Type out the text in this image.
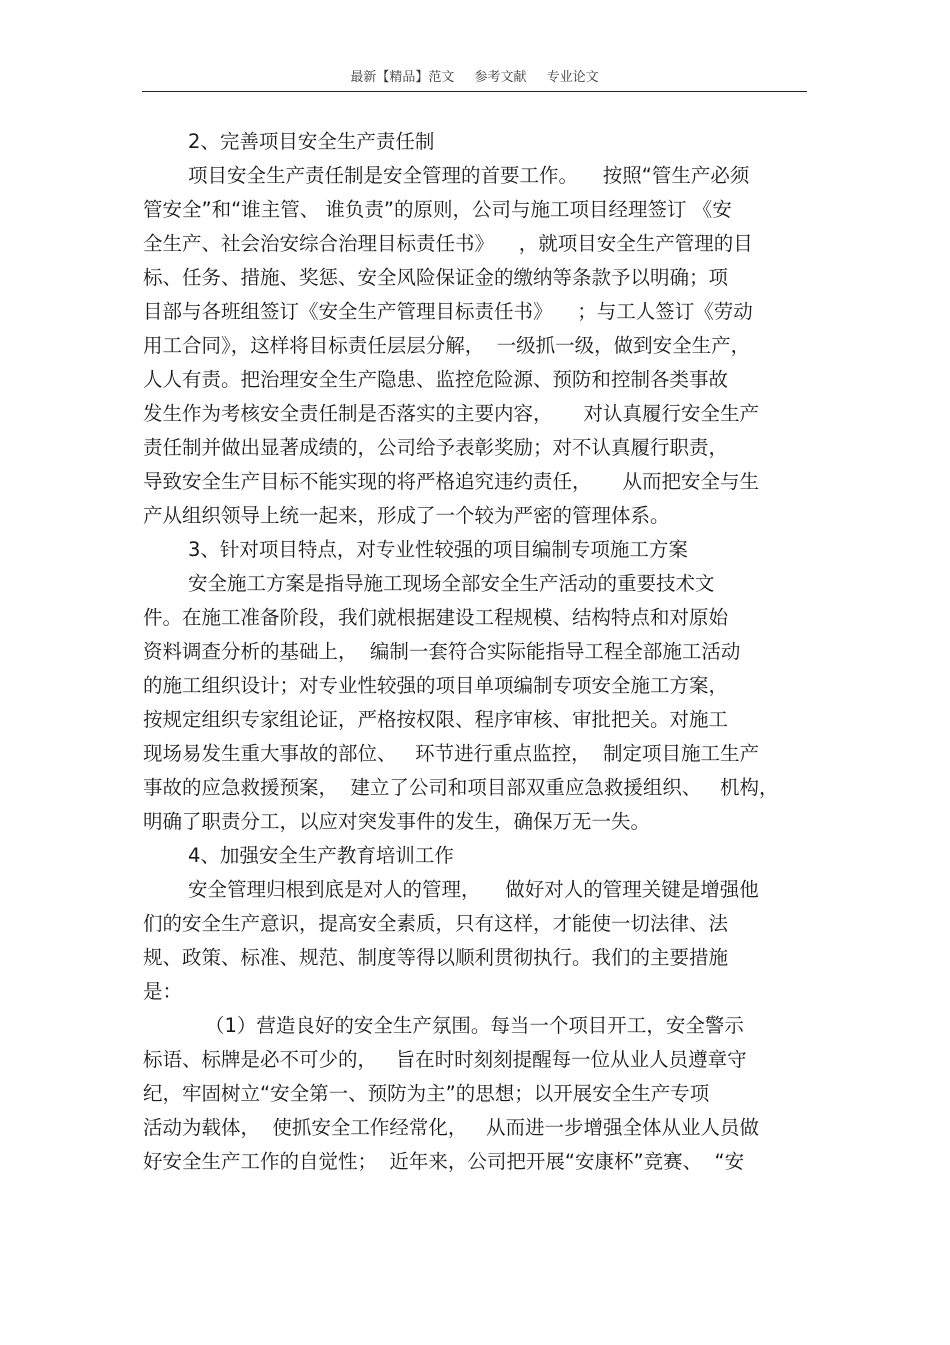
最新【精品】范文 参考文献 专业论文
2、完善项目安全生产责任制
项目安全生产责任制是安全管理的首要工作。    按照“管生产必须
管安全”和“谁主管、 谁负责”的原则，公司与施工项目经理签订 《安
全生产、社会治安综合治理目标责任书》    ，就项目安全生产管理的目
标、任务、措施、奖惩、安全风险保证金的缴纳等条款予以明确；项
目部与各班组签订《安全生产管理目标责任书》    ；与工人签订《劳动
用工合同》，这样将目标责任层层分解，  一级抓一级，做到安全生产，
人人有责。把治理安全生产隐患、监控危险源、预防和控制各类事故
发生作为考核安全责任制是否落实的主要内容，     对认真履行安全生产
责任制并做出显著成绩的，公司给予表彰奖励；对不认真履行职责，
导致安全生产目标不能实现的将严格追究违约责任，     从而把安全与生
产从组织领导上统一起来，形成了一个较为严密的管理体系。
3、针对项目特点，对专业性较强的项目编制专项施工方案
安全施工方案是指导施工现场全部安全生产活动的重要技术文
件。在施工准备阶段，我们就根据建设工程规模、结构特点和对原始
资料调查分析的基础上，  编制一套符合实际能指导工程全部施工活动
的施工组织设计；对专业性较强的项目单项编制专项安全施工方案，
按规定组织专家组论证，严格按权限、程序审核、审批把关。对施工
现场易发生重大事故的部位、   环节进行重点监控，  制定项目施工生产
事故的应急救援预案，  建立了公司和项目部双重应急救援组织、   机构，
明确了职责分工，以应对突发事件的发生，确保万无一失。
4、加强安全生产教育培训工作
安全管理归根到底是对人的管理，    做好对人的管理关键是增强他
们的安全生产意识，提高安全素质，只有这样，才能使一切法律、法
规、政策、标准、规范、制度等得以顺利贯彻执行。我们的主要措施
是：
（1）营造良好的安全生产氛围。每当一个项目开工，安全警示
标语、标牌是必不可少的，   旨在时时刻刻提醒每一位从业人员遵章守
纪，牢固树立“安全第一、预防为主”的思想；以开展安全生产专项
活动为载体，  使抓安全工作经常化，   从而进一步增强全体从业人员做
好安全生产工作的自觉性；  近年来，公司把开展“安康杯”竞赛、  “安
